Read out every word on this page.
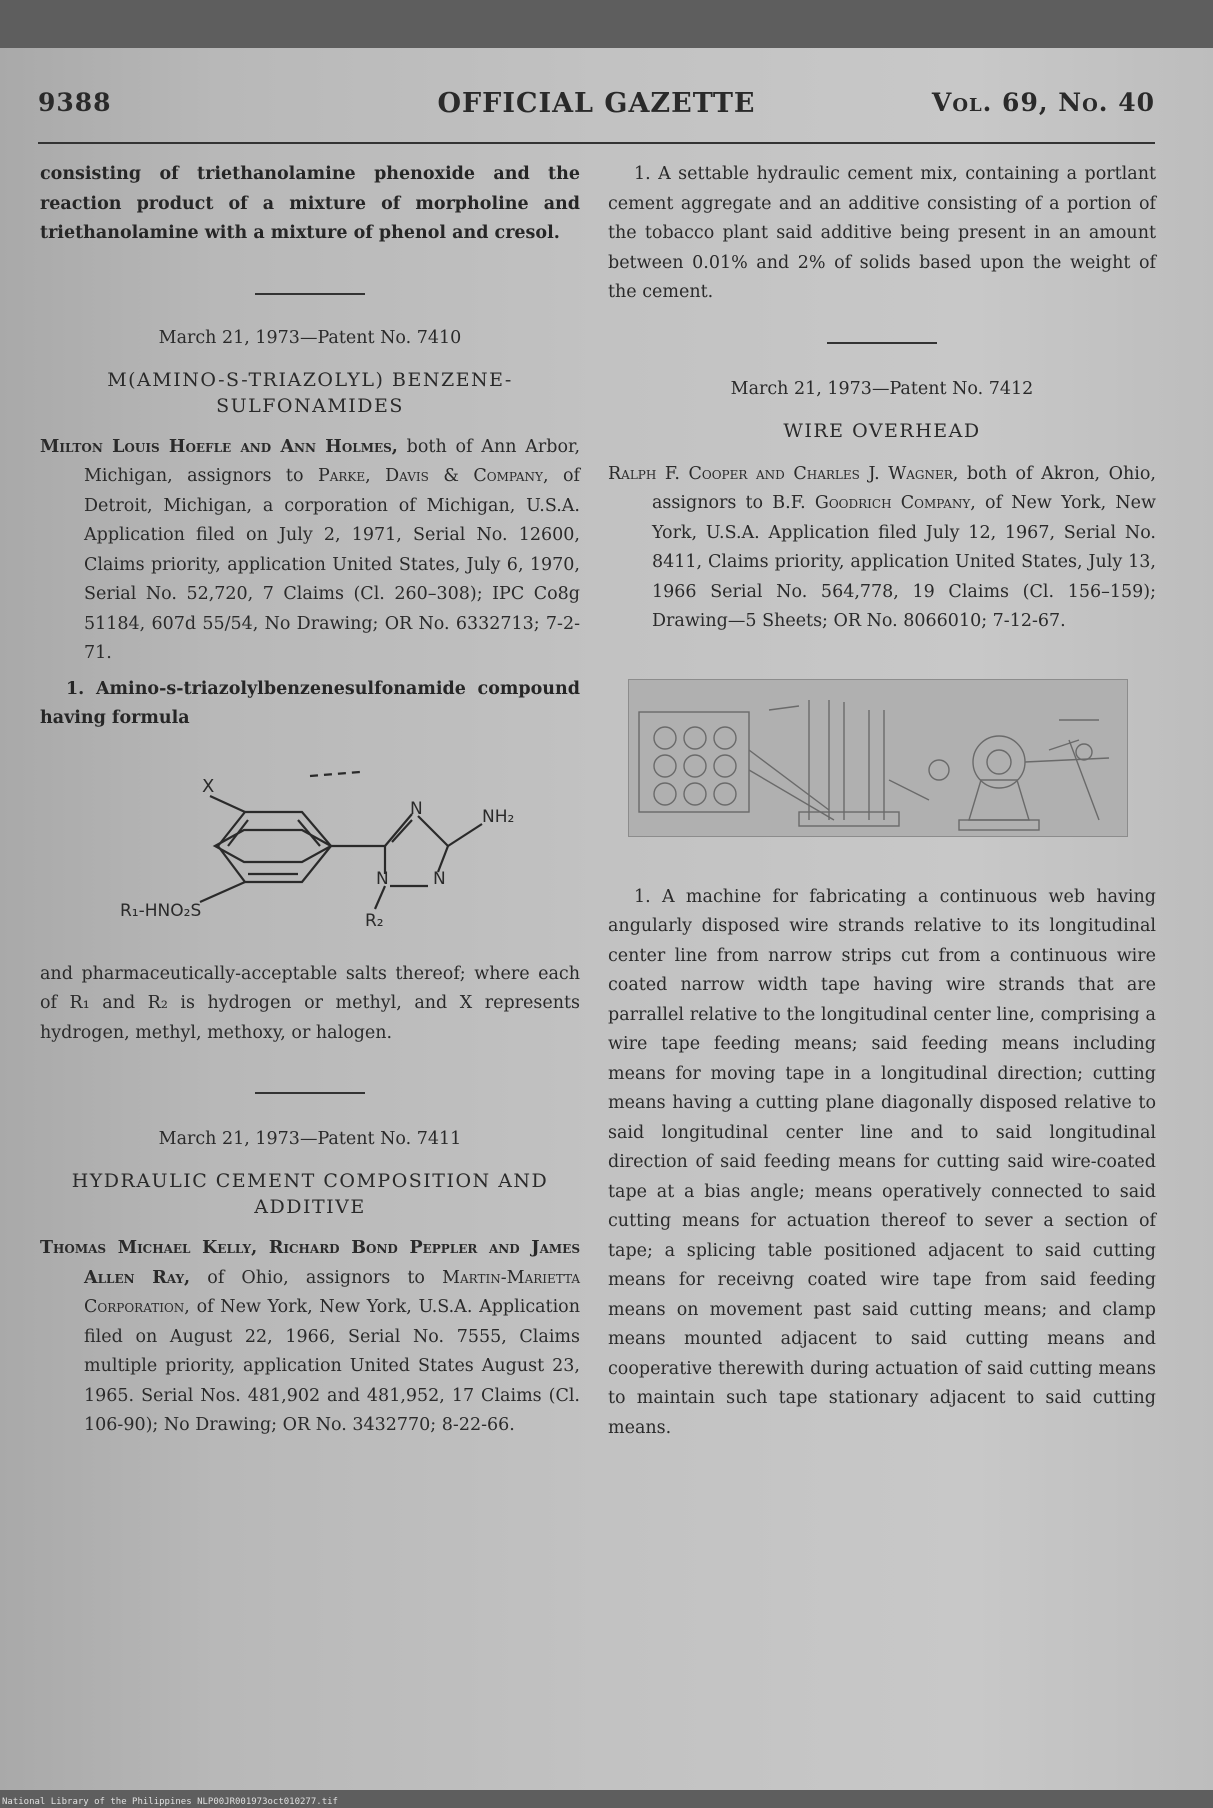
9388	OFFICIAL GAZETTE	Vol. 69, No. 40

consisting of triethanolamine phenoxide and the reaction product of a mixture of morpholine and triethanolamine with a mixture of phenol and cresol.

March 21, 1973—Patent No. 7410
M(AMINO-S-TRIAZOLYL) BENZENE-SULFONAMIDES

Milton Louis Hoefle and Ann Holmes, both of Ann Arbor, Michigan, assignors to Parke, Davis & Company, of Detroit, Michigan, a corporation of Michigan, U.S.A. Application filed on July 2, 1971, Serial No. 12600, Claims priority, application United States, July 6, 1970, Serial No. 52,720, 7 Claims (Cl. 260–308); IPC Co8g 51184, 607d 55/54, No Drawing; OR No. 6332713; 7-2-71.

1. Amino-s-triazolylbenzenesulfonamide compound having formula

X
NH₂
N
N
N
R₁-HNO₂S	R₂

and pharmaceutically-acceptable salts thereof; where each of R₁ and R₂ is hydrogen or methyl, and X represents hydrogen, methyl, methoxy, or halogen.

March 21, 1973—Patent No. 7411
HYDRAULIC CEMENT COMPOSITION AND ADDITIVE

Thomas Michael Kelly, Richard Bond Peppler and James Allen Ray, of Ohio, assignors to Martin-Marietta Corporation, of New York, New York, U.S.A. Application filed on August 22, 1966, Serial No. 7555, Claims multiple priority, application United States August 23, 1965. Serial Nos. 481,902 and 481,952, 17 Claims (Cl. 106-90); No Drawing; OR No. 3432770; 8-22-66.

1. A settable hydraulic cement mix, containing a portlant cement aggregate and an additive consisting of a portion of the tobacco plant said additive being present in an amount between 0.01% and 2% of solids based upon the weight of the cement.

March 21, 1973—Patent No. 7412
WIRE OVERHEAD

Ralph F. Cooper and Charles J. Wagner, both of Akron, Ohio, assignors to B.F. Goodrich Company, of New York, New York, U.S.A. Application filed July 12, 1967, Serial No. 8411, Claims priority, application United States, July 13, 1966 Serial No. 564,778, 19 Claims (Cl. 156–159); Drawing—5 Sheets; OR No. 8066010; 7-12-67.

1. A machine for fabricating a continuous web having angularly disposed wire strands relative to its longitudinal center line from narrow strips cut from a continuous wire coated narrow width tape having wire strands that are parrallel relative to the longitudinal center line, comprising a wire tape feeding means; said feeding means including means for moving tape in a longitudinal direction; cutting means having a cutting plane diagonally disposed relative to said longitudinal center line and to said longitudinal direction of said feeding means for cutting said wire-coated tape at a bias angle; means operatively connected to said cutting means for actuation thereof to sever a section of tape; a splicing table positioned adjacent to said cutting means for receivng coated wire tape from said feeding means on movement past said cutting means; and clamp means mounted adjacent to said cutting means and cooperative therewith during actuation of said cutting means to maintain such tape stationary adjacent to said cutting means.

National Library of the Philippines NLP00JR001973oct010277.tif
